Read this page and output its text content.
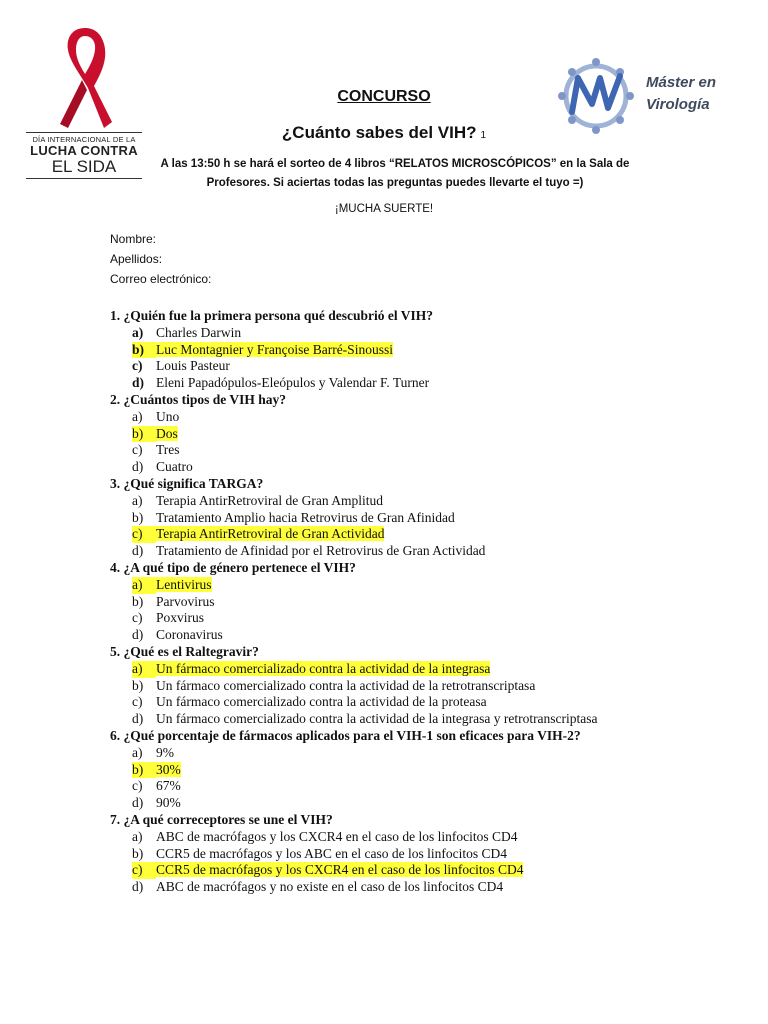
DÍA INTERNACIONAL DE LA
LUCHA CONTRA
EL SIDA
Máster en
Virología
CONCURSO
¿Cuánto sabes del VIH? 1
A las 13:50 h se hará el sorteo de 4 libros “RELATOS MICROSCÓPICOS” en la Sala de Profesores. Si aciertas todas las preguntas puedes llevarte el tuyo =)
¡MUCHA SUERTE!
Nombre:
Apellidos:
Correo electrónico:
1. ¿Quién fue la primera persona qué descubrió el VIH?
a) Charles Darwin
b) Luc Montagnier y Françoise Barré-Sinoussi
c)	Louis Pasteur
d) Eleni Papadópulos-Eleópulos y Valendar F. Turner
2. ¿Cuántos tipos de VIH hay?
a)	Uno
b) Dos
c)	Tres
d) Cuatro
3. ¿Qué significa TARGA?
a)	Terapia AntirRetroviral de Gran Amplitud
b) Tratamiento Amplio hacia Retrovirus de Gran Afinidad
c)	Terapia AntirRetroviral de Gran Actividad
d) Tratamiento de Afinidad por el Retrovirus de Gran Actividad
4. ¿A qué tipo de género pertenece el VIH?
a)	Lentivirus
b) Parvovirus
c)	Poxvirus
d) Coronavirus
5. ¿Qué es el Raltegravir?
a)	Un fármaco comercializado contra la actividad de la integrasa
b) Un fármaco comercializado contra la actividad de la retrotranscriptasa
c)	Un fármaco comercializado contra la actividad de la proteasa
d) Un fármaco comercializado contra la actividad de la integrasa y retrotranscriptasa
6. ¿Qué porcentaje de fármacos aplicados para el VIH-1 son eficaces para VIH-2?
a)	9%
b) 30%
c)	67%
d) 90%
7. ¿A qué correceptores se une el VIH?
a)	ABC de macrófagos y los CXCR4 en el caso de los linfocitos CD4
b) CCR5 de macrófagos y los ABC en el caso de los linfocitos CD4
c)	CCR5 de macrófagos y los CXCR4 en el caso de los linfocitos CD4
d) ABC de macrófagos y no existe en el caso de los linfocitos CD4
